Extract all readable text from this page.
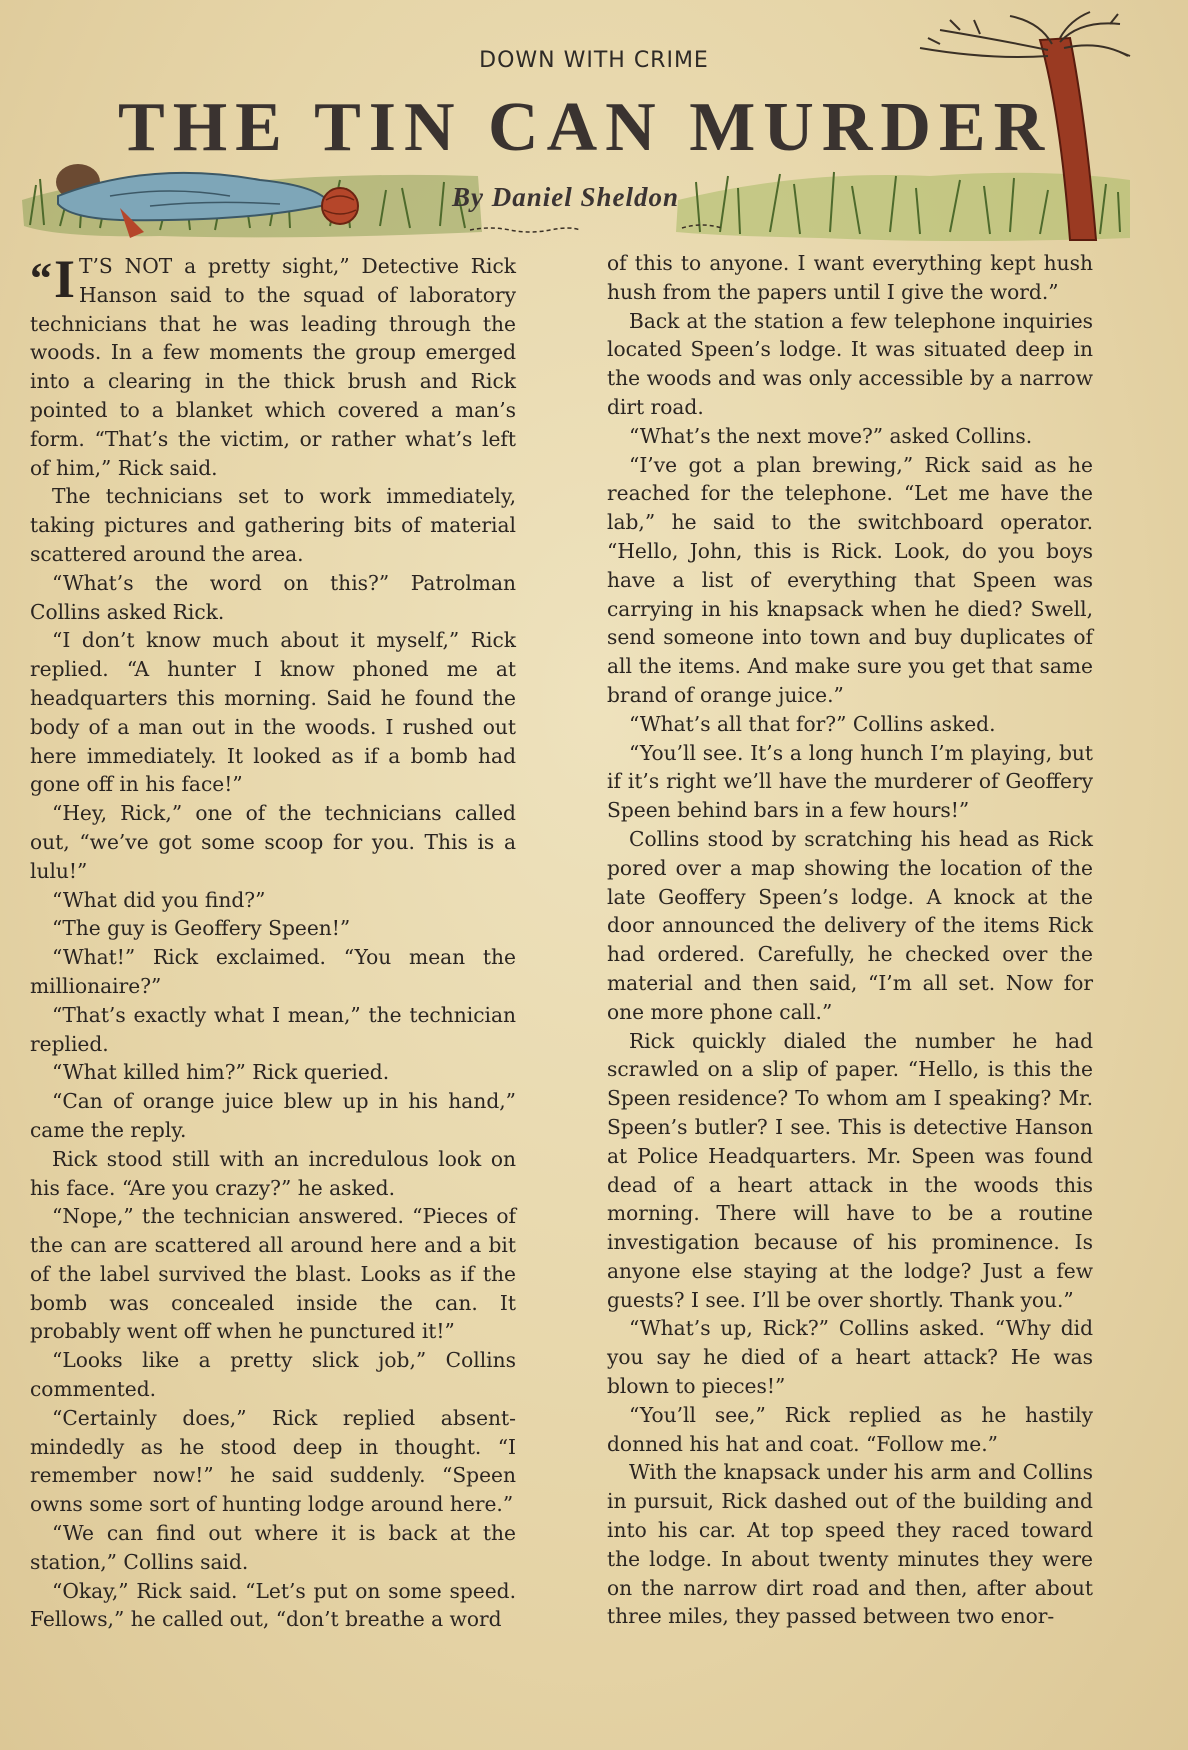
DOWN WITH CRIME
THE TIN CAN MURDER
By Daniel Sheldon

“I T’S NOT a pretty sight,” Detective Rick Hanson said to the squad of laboratory technicians that he was leading through the woods. In a few moments the group emerged into a clearing in the thick brush and Rick pointed to a blanket which covered a man’s form. “That’s the victim, or rather what’s left of him,” Rick said.

The technicians set to work immediately, taking pictures and gathering bits of material scattered around the area.

“What’s the word on this?” Patrolman Collins asked Rick.

“I don’t know much about it myself,” Rick replied. “A hunter I know phoned me at headquarters this morning. Said he found the body of a man out in the woods. I rushed out here immediately. It looked as if a bomb had gone off in his face!”

“Hey, Rick,” one of the technicians called out, “we’ve got some scoop for you. This is a lulu!”

“What did you find?”

“The guy is Geoffery Speen!”

“What!” Rick exclaimed. “You mean the millionaire?”

“That’s exactly what I mean,” the technician replied.

“What killed him?” Rick queried.

“Can of orange juice blew up in his hand,” came the reply.

Rick stood still with an incredulous look on his face. “Are you crazy?” he asked.

“Nope,” the technician answered. “Pieces of the can are scattered all around here and a bit of the label survived the blast. Looks as if the bomb was concealed inside the can. It probably went off when he punctured it!”

“Looks like a pretty slick job,” Collins commented.

“Certainly does,” Rick replied absent-mindedly as he stood deep in thought. “I remember now!” he said suddenly. “Speen owns some sort of hunting lodge around here.”

“We can find out where it is back at the station,” Collins said.

“Okay,” Rick said. “Let’s put on some speed. Fellows,” he called out, “don’t breathe a word

of this to anyone. I want everything kept hush hush from the papers until I give the word.”

Back at the station a few telephone inquiries located Speen’s lodge. It was situated deep in the woods and was only accessible by a narrow dirt road.

“What’s the next move?” asked Collins.

“I’ve got a plan brewing,” Rick said as he reached for the telephone. “Let me have the lab,” he said to the switchboard operator. “Hello, John, this is Rick. Look, do you boys have a list of everything that Speen was carrying in his knapsack when he died? Swell, send someone into town and buy duplicates of all the items. And make sure you get that same brand of orange juice.”

“What’s all that for?” Collins asked.

“You’ll see. It’s a long hunch I’m playing, but if it’s right we’ll have the murderer of Geoffery Speen behind bars in a few hours!”

Collins stood by scratching his head as Rick pored over a map showing the location of the late Geoffery Speen’s lodge. A knock at the door announced the delivery of the items Rick had ordered. Carefully, he checked over the material and then said, “I’m all set. Now for one more phone call.”

Rick quickly dialed the number he had scrawled on a slip of paper. “Hello, is this the Speen residence? To whom am I speaking? Mr. Speen’s butler? I see. This is detective Hanson at Police Headquarters. Mr. Speen was found dead of a heart attack in the woods this morning. There will have to be a routine investigation because of his prominence. Is anyone else staying at the lodge? Just a few guests? I see. I’ll be over shortly. Thank you.”

“What’s up, Rick?” Collins asked. “Why did you say he died of a heart attack? He was blown to pieces!”

“You’ll see,” Rick replied as he hastily donned his hat and coat. “Follow me.”

With the knapsack under his arm and Collins in pursuit, Rick dashed out of the building and into his car. At top speed they raced toward the lodge. In about twenty minutes they were on the narrow dirt road and then, after about three miles, they passed between two enor-
